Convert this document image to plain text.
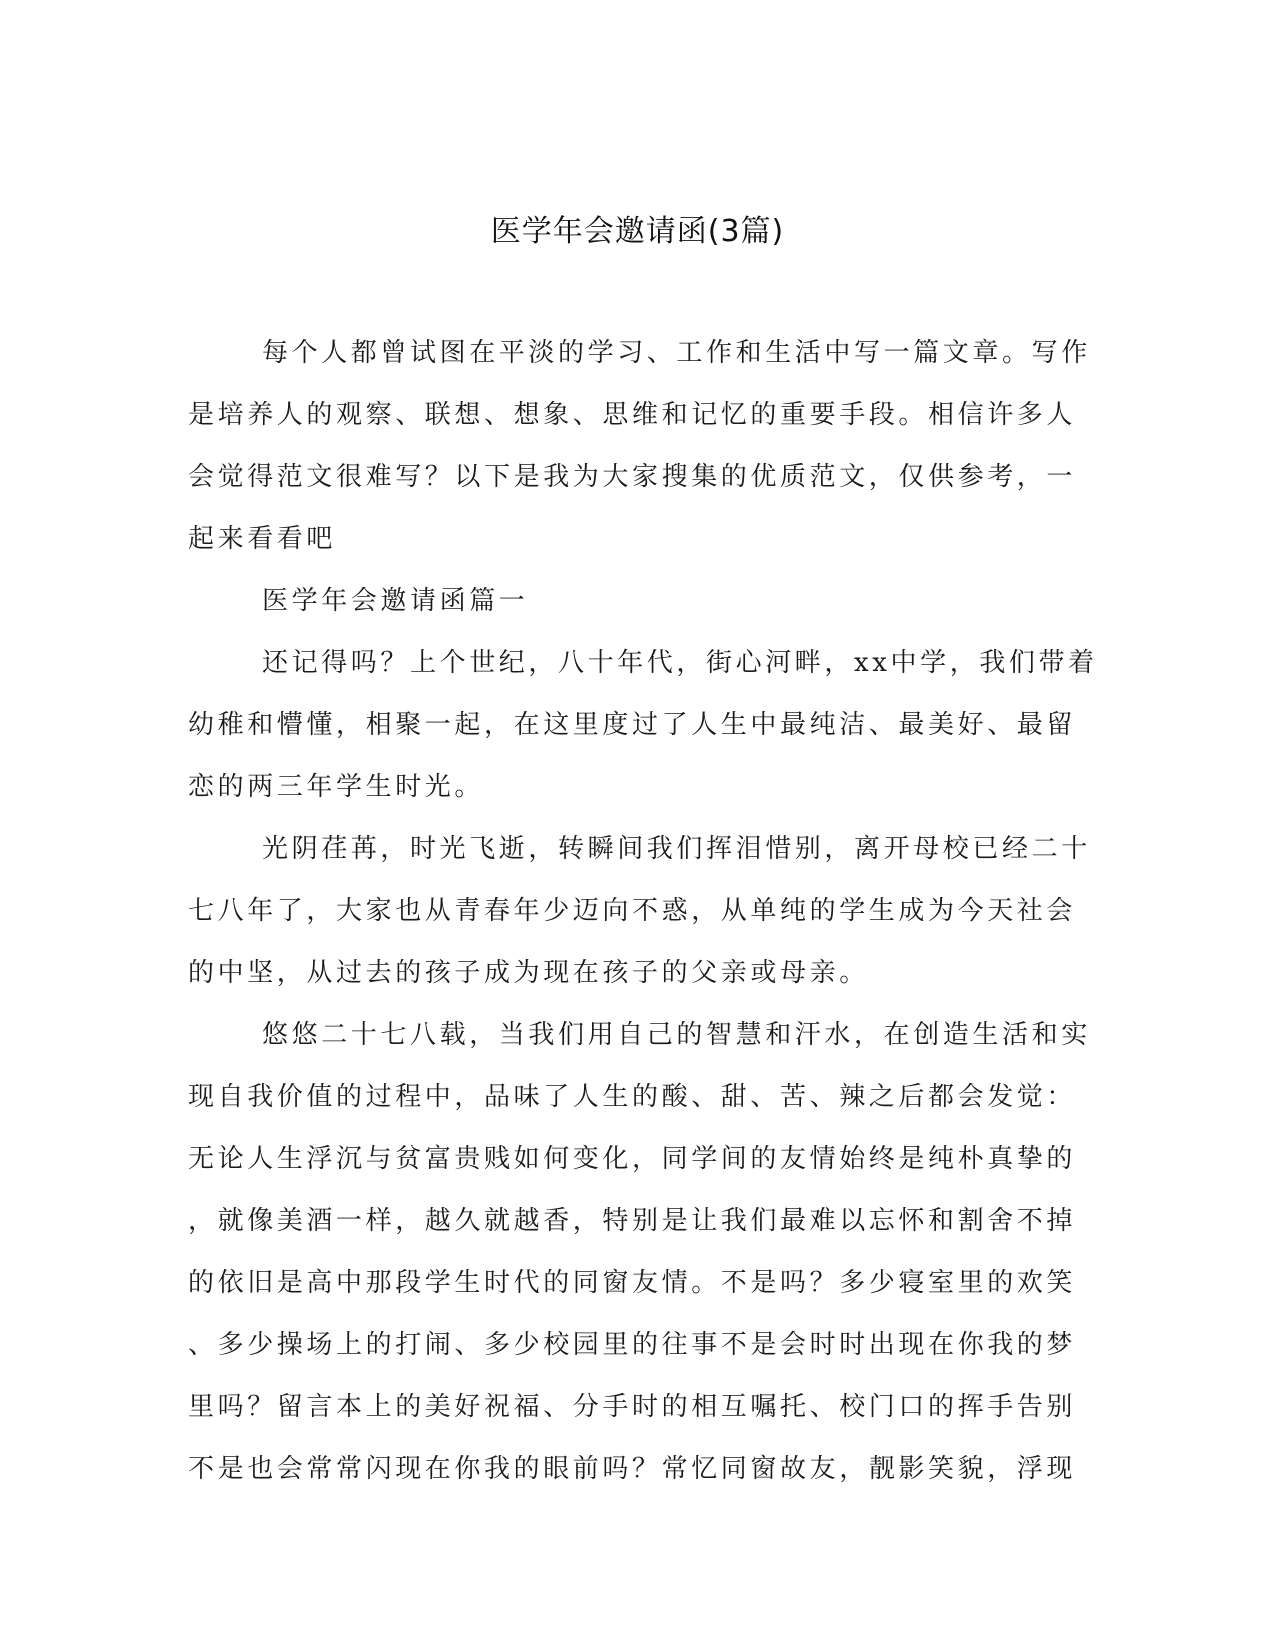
医学年会邀请函(3篇)
每个人都曾试图在平淡的学习、工作和生活中写一篇文章。写作
是培养人的观察、联想、想象、思维和记忆的重要手段。相信许多人
会觉得范文很难写？以下是我为大家搜集的优质范文，仅供参考，一
起来看看吧
医学年会邀请函篇一
还记得吗？上个世纪，八十年代，街心河畔，xx中学，我们带着
幼稚和懵懂，相聚一起，在这里度过了人生中最纯洁、最美好、最留
恋的两三年学生时光。
光阴荏苒，时光飞逝，转瞬间我们挥泪惜别，离开母校已经二十
七八年了，大家也从青春年少迈向不惑，从单纯的学生成为今天社会
的中坚，从过去的孩子成为现在孩子的父亲或母亲。
悠悠二十七八载，当我们用自己的智慧和汗水，在创造生活和实
现自我价值的过程中，品味了人生的酸、甜、苦、辣之后都会发觉：
无论人生浮沉与贫富贵贱如何变化，同学间的友情始终是纯朴真挚的
，就像美酒一样，越久就越香，特别是让我们最难以忘怀和割舍不掉
的依旧是高中那段学生时代的同窗友情。不是吗？多少寝室里的欢笑
、多少操场上的打闹、多少校园里的往事不是会时时出现在你我的梦
里吗？留言本上的美好祝福、分手时的相互嘱托、校门口的挥手告别
不是也会常常闪现在你我的眼前吗？常忆同窗故友，靓影笑貌，浮现
